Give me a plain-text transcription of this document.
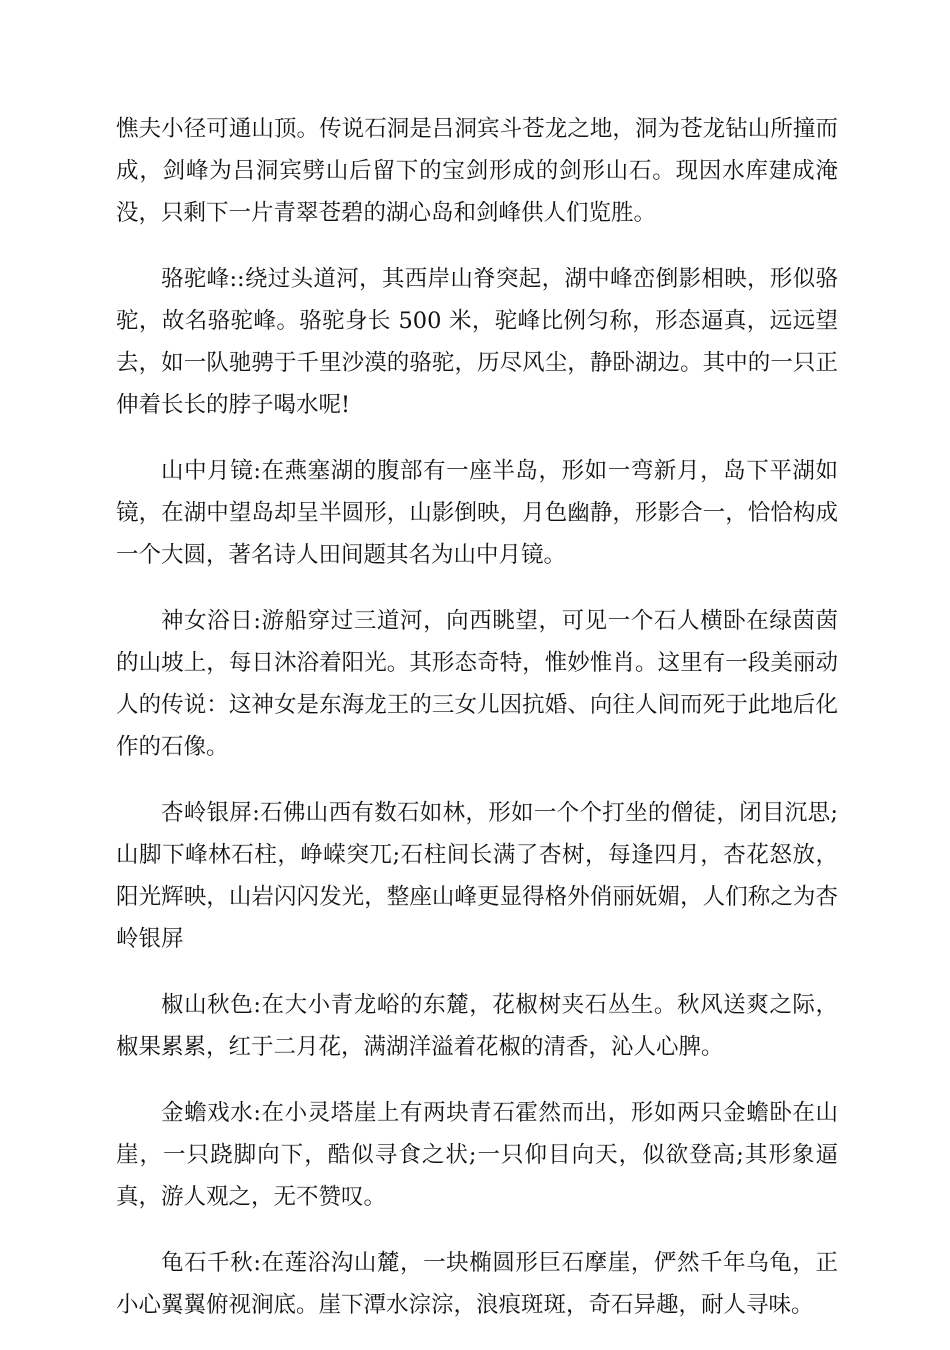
憔夫小径可通山顶。传说石洞是吕洞宾斗苍龙之地，洞为苍龙钻山所撞而成，剑峰为吕洞宾劈山后留下的宝剑形成的剑形山石。现因水库建成淹没，只剩下一片青翠苍碧的湖心岛和剑峰供人们览胜。

骆驼峰::绕过头道河，其西岸山脊突起，湖中峰峦倒影相映，形似骆驼，故名骆驼峰。骆驼身长 500 米，驼峰比例匀称，形态逼真，远远望去，如一队驰骋于千里沙漠的骆驼，历尽风尘，静卧湖边。其中的一只正伸着长长的脖子喝水呢!

山中月镜:在燕塞湖的腹部有一座半岛，形如一弯新月，岛下平湖如镜，在湖中望岛却呈半圆形，山影倒映，月色幽静，形影合一，恰恰构成一个大圆，著名诗人田间题其名为山中月镜。

神女浴日:游船穿过三道河，向西眺望，可见一个石人横卧在绿茵茵的山坡上，每日沐浴着阳光。其形态奇特，惟妙惟肖。这里有一段美丽动人的传说：这神女是东海龙王的三女儿因抗婚、向往人间而死于此地后化作的石像。

杏岭银屏:石佛山西有数石如林，形如一个个打坐的僧徒，闭目沉思;山脚下峰林石柱，峥嵘突兀;石柱间长满了杏树，每逢四月，杏花怒放，阳光辉映，山岩闪闪发光，整座山峰更显得格外俏丽妩媚，人们称之为杏岭银屏

椒山秋色:在大小青龙峪的东麓，花椒树夹石丛生。秋风送爽之际，椒果累累，红于二月花，满湖洋溢着花椒的清香，沁人心脾。

金蟾戏水:在小灵塔崖上有两块青石霍然而出，形如两只金蟾卧在山崖，一只跷脚向下，酷似寻食之状;一只仰目向天，似欲登高;其形象逼真，游人观之，无不赞叹。

龟石千秋:在莲浴沟山麓，一块椭圆形巨石摩崖，俨然千年乌龟，正小心翼翼俯视涧底。崖下潭水淙淙，浪痕斑斑，奇石异趣，耐人寻味。
